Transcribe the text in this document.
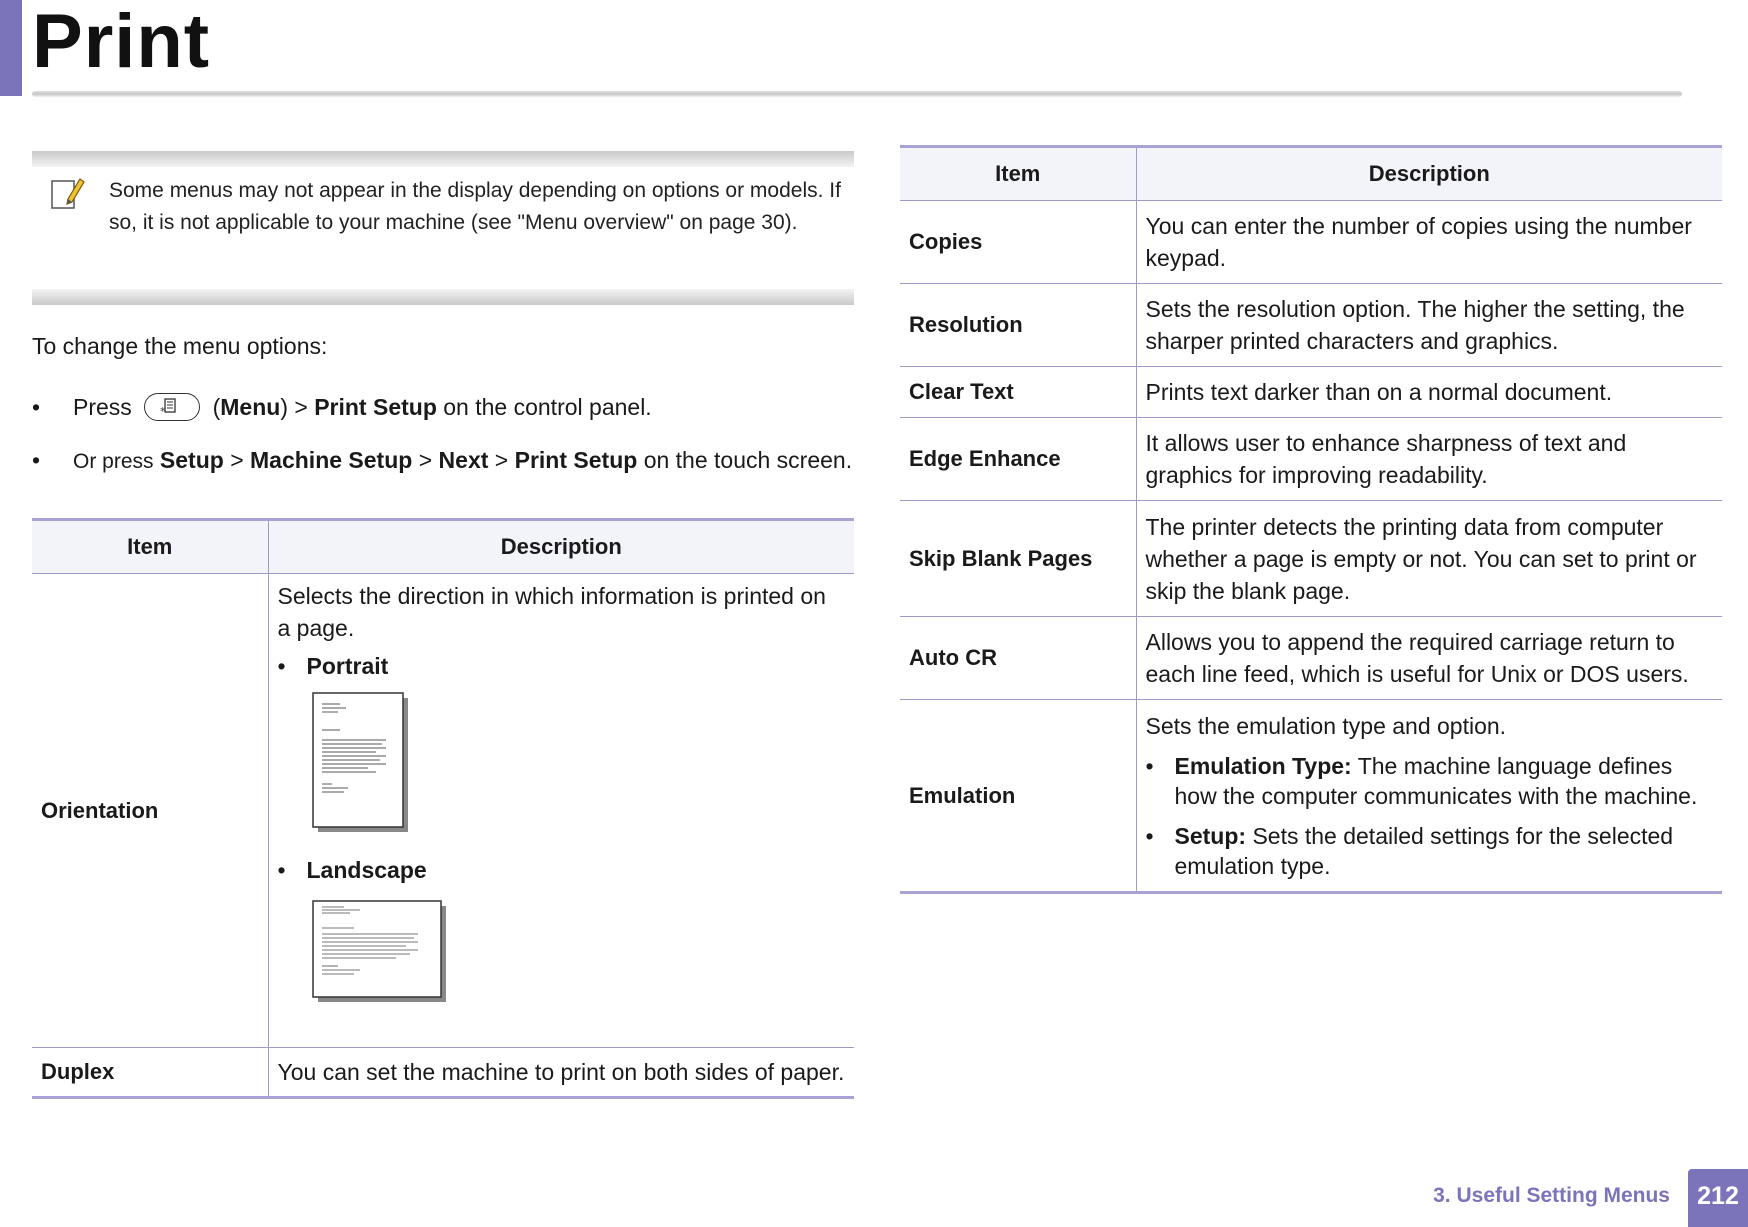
Print
Some menus may not appear in the display depending on options or models. If so, it is not applicable to your machine (see "Menu overview" on page 30).
To change the menu options:
• Press	* (Menu) > Print Setup on the control panel.
• Or press Setup > Machine Setup > Next > Print Setup on the touch screen.
Item	Description
Orientation	Selects the direction in which information is printed on a page.
• Portrait
• Landscape

Duplex	You can set the machine to print on both sides of paper.
Item	Description
Copies	You can enter the number of copies using the number keypad.
Resolution	Sets the resolution option. The higher the setting, the sharper printed characters and graphics.
Clear Text	Prints text darker than on a normal document.
Edge Enhance	It allows user to enhance sharpness of text and graphics for improving readability.
Skip Blank Pages	The printer detects the printing data from computer whether a page is empty or not. You can set to print or skip the blank page.
Auto CR	Allows you to append the required carriage return to each line feed, which is useful for Unix or DOS users.
Emulation	Sets the emulation type and option.
• Emulation Type: The machine language defines how the computer communicates with the machine.
• Setup: Sets the detailed settings for the selected emulation type.
3. Useful Setting Menus	212
